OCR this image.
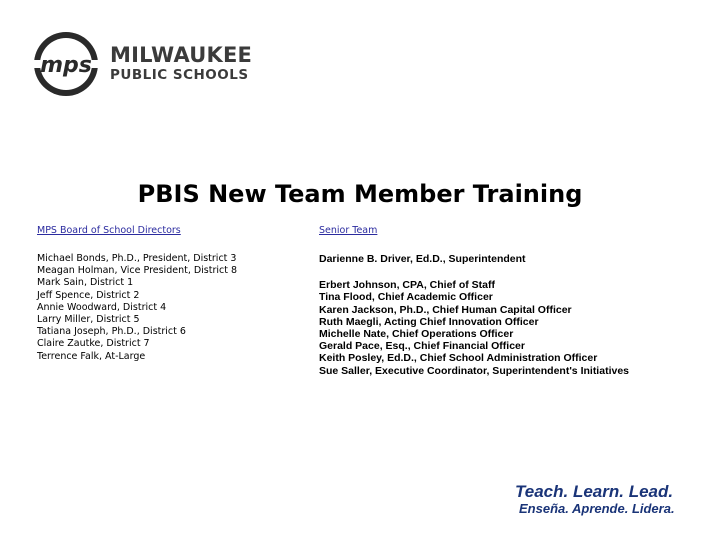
mps MILWAUKEE
PUBLIC SCHOOLS
PBIS New Team Member Training
MPS Board of School Directors
Michael Bonds, Ph.D., President, District 3
Meagan Holman, Vice President, District 8
Mark Sain, District 1
Jeff Spence, District 2
Annie Woodward, District 4
Larry Miller, District 5
Tatiana Joseph, Ph.D., District 6
Claire Zautke, District 7
Terrence Falk, At-Large
Senior Team
Darienne B. Driver, Ed.D., Superintendent
Erbert Johnson, CPA, Chief of Staff
Tina Flood, Chief Academic Officer
Karen Jackson, Ph.D., Chief Human Capital Officer
Ruth Maegli, Acting Chief Innovation Officer
Michelle Nate, Chief Operations Officer
Gerald Pace, Esq., Chief Financial Officer
Keith Posley, Ed.D., Chief School Administration Officer
Sue Saller, Executive Coordinator, Superintendent's Initiatives
Teach. Learn. Lead.
Enseña. Aprende. Lidera.
